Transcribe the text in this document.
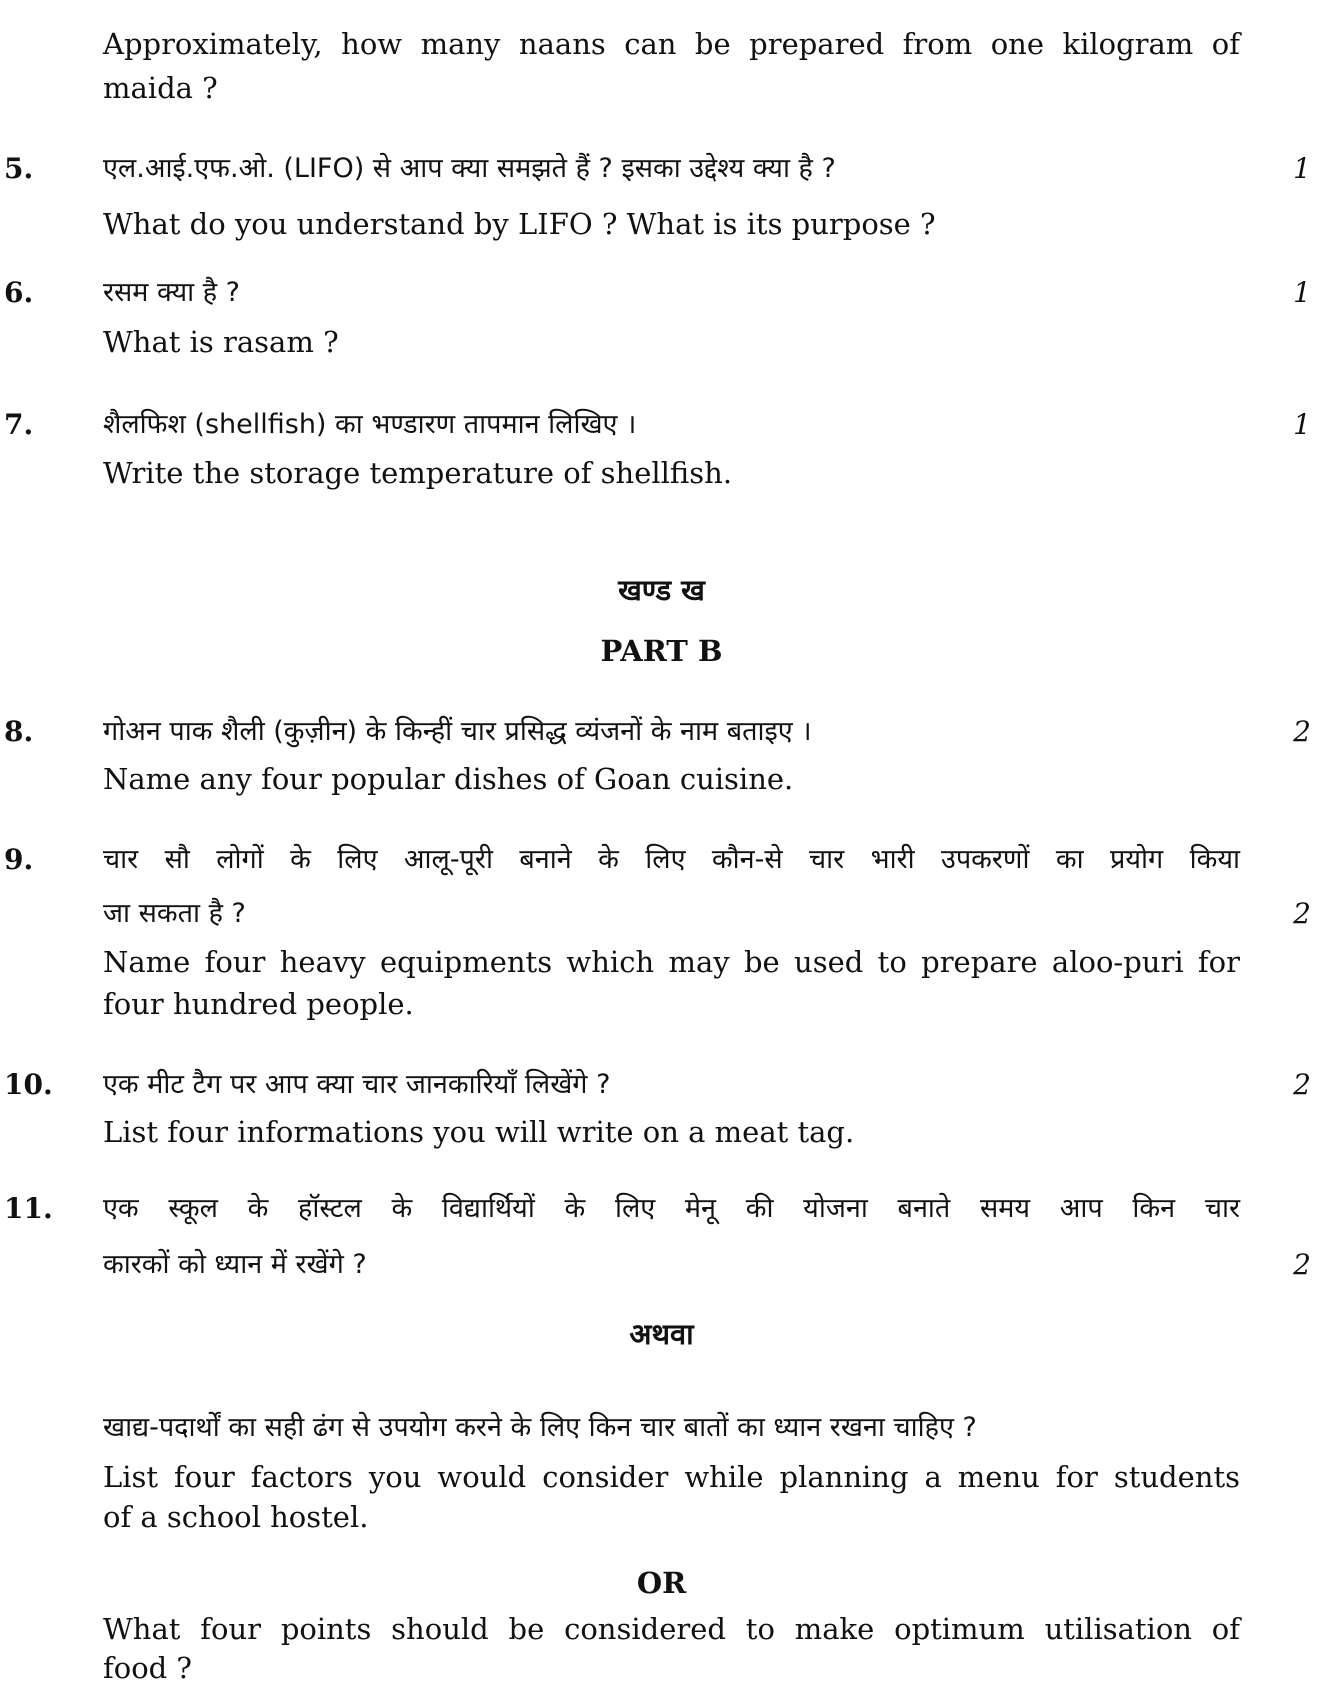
Approximately, how many naans can be prepared from one kilogram of
maida ?
5.	एल.आई.एफ.ओ. (LIFO) से आप क्या समझते हैं ? इसका उद्देश्य क्या है ?	1
What do you understand by LIFO ? What is its purpose ?
6.	रसम क्या है ?	1
What is rasam ?
7.	शैलफिश (shellfish) का भण्डारण तापमान लिखिए ।	1
Write the storage temperature of shellfish.
खण्ड ख
PART B
8.	गोअन पाक शैली (कुज़ीन) के किन्हीं चार प्रसिद्ध व्यंजनों के नाम बताइए ।	2
Name any four popular dishes of Goan cuisine.
9.	चार सौ लोगों के लिए आलू-पूरी बनाने के लिए कौन-से चार भारी उपकरणों का प्रयोग किया
जा सकता है ?	2
Name four heavy equipments which may be used to prepare aloo-puri for
four hundred people.
10. एक मीट टैग पर आप क्या चार जानकारियाँ लिखेंगे ?	2
List four informations you will write on a meat tag.
11. एक स्कूल के हॉस्टल के विद्यार्थियों के लिए मेनू की योजना बनाते समय आप किन चार
कारकों को ध्यान में रखेंगे ?	2
अथवा
खाद्य-पदार्थों का सही ढंग से उपयोग करने के लिए किन चार बातों का ध्यान रखना चाहिए ?
List four factors you would consider while planning a menu for students
of a school hostel.
OR
What four points should be considered to make optimum utilisation of
food ?
